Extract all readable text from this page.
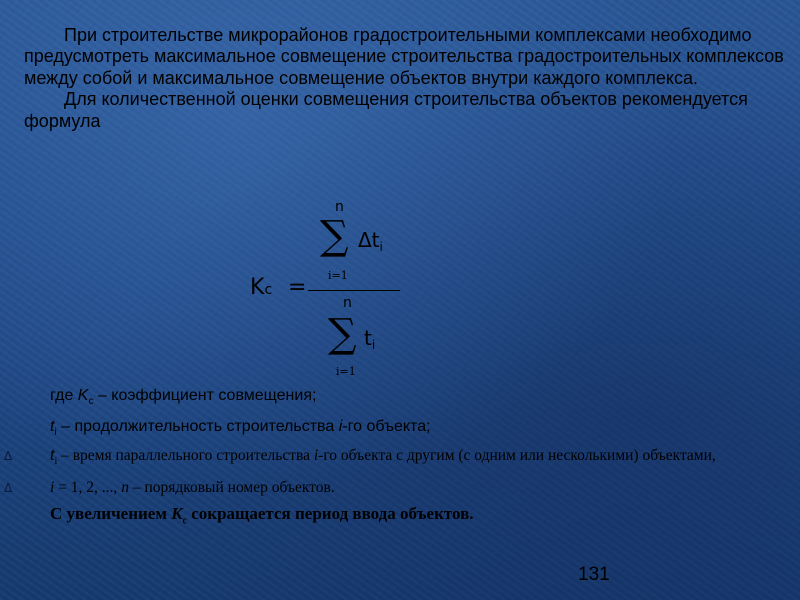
При строительстве микрорайонов градостроительными комплексами необходимо предусмотреть максимальное совмещение строительства градостроительных комплексов между собой и максимальное совмещение объектов внутри каждого комплекса.

Для количественной оценки совмещения строительства объектов рекомендуется формула

n
∑ $\Delta t_i$
i=1
Kc =
n
∑ $t_i$
i=1

где $K_c$ – коэффициент совмещения;

$t_i$ – продолжительность строительства i-го объекта;

Δ $t_i$ – время параллельного строительства i-го объекта с другим (с одним или несколькими) объектами,

Δ i = 1, 2, ..., n – порядковый номер объектов.

С увеличением $K_c$ сокращается период ввода объектов.

131
